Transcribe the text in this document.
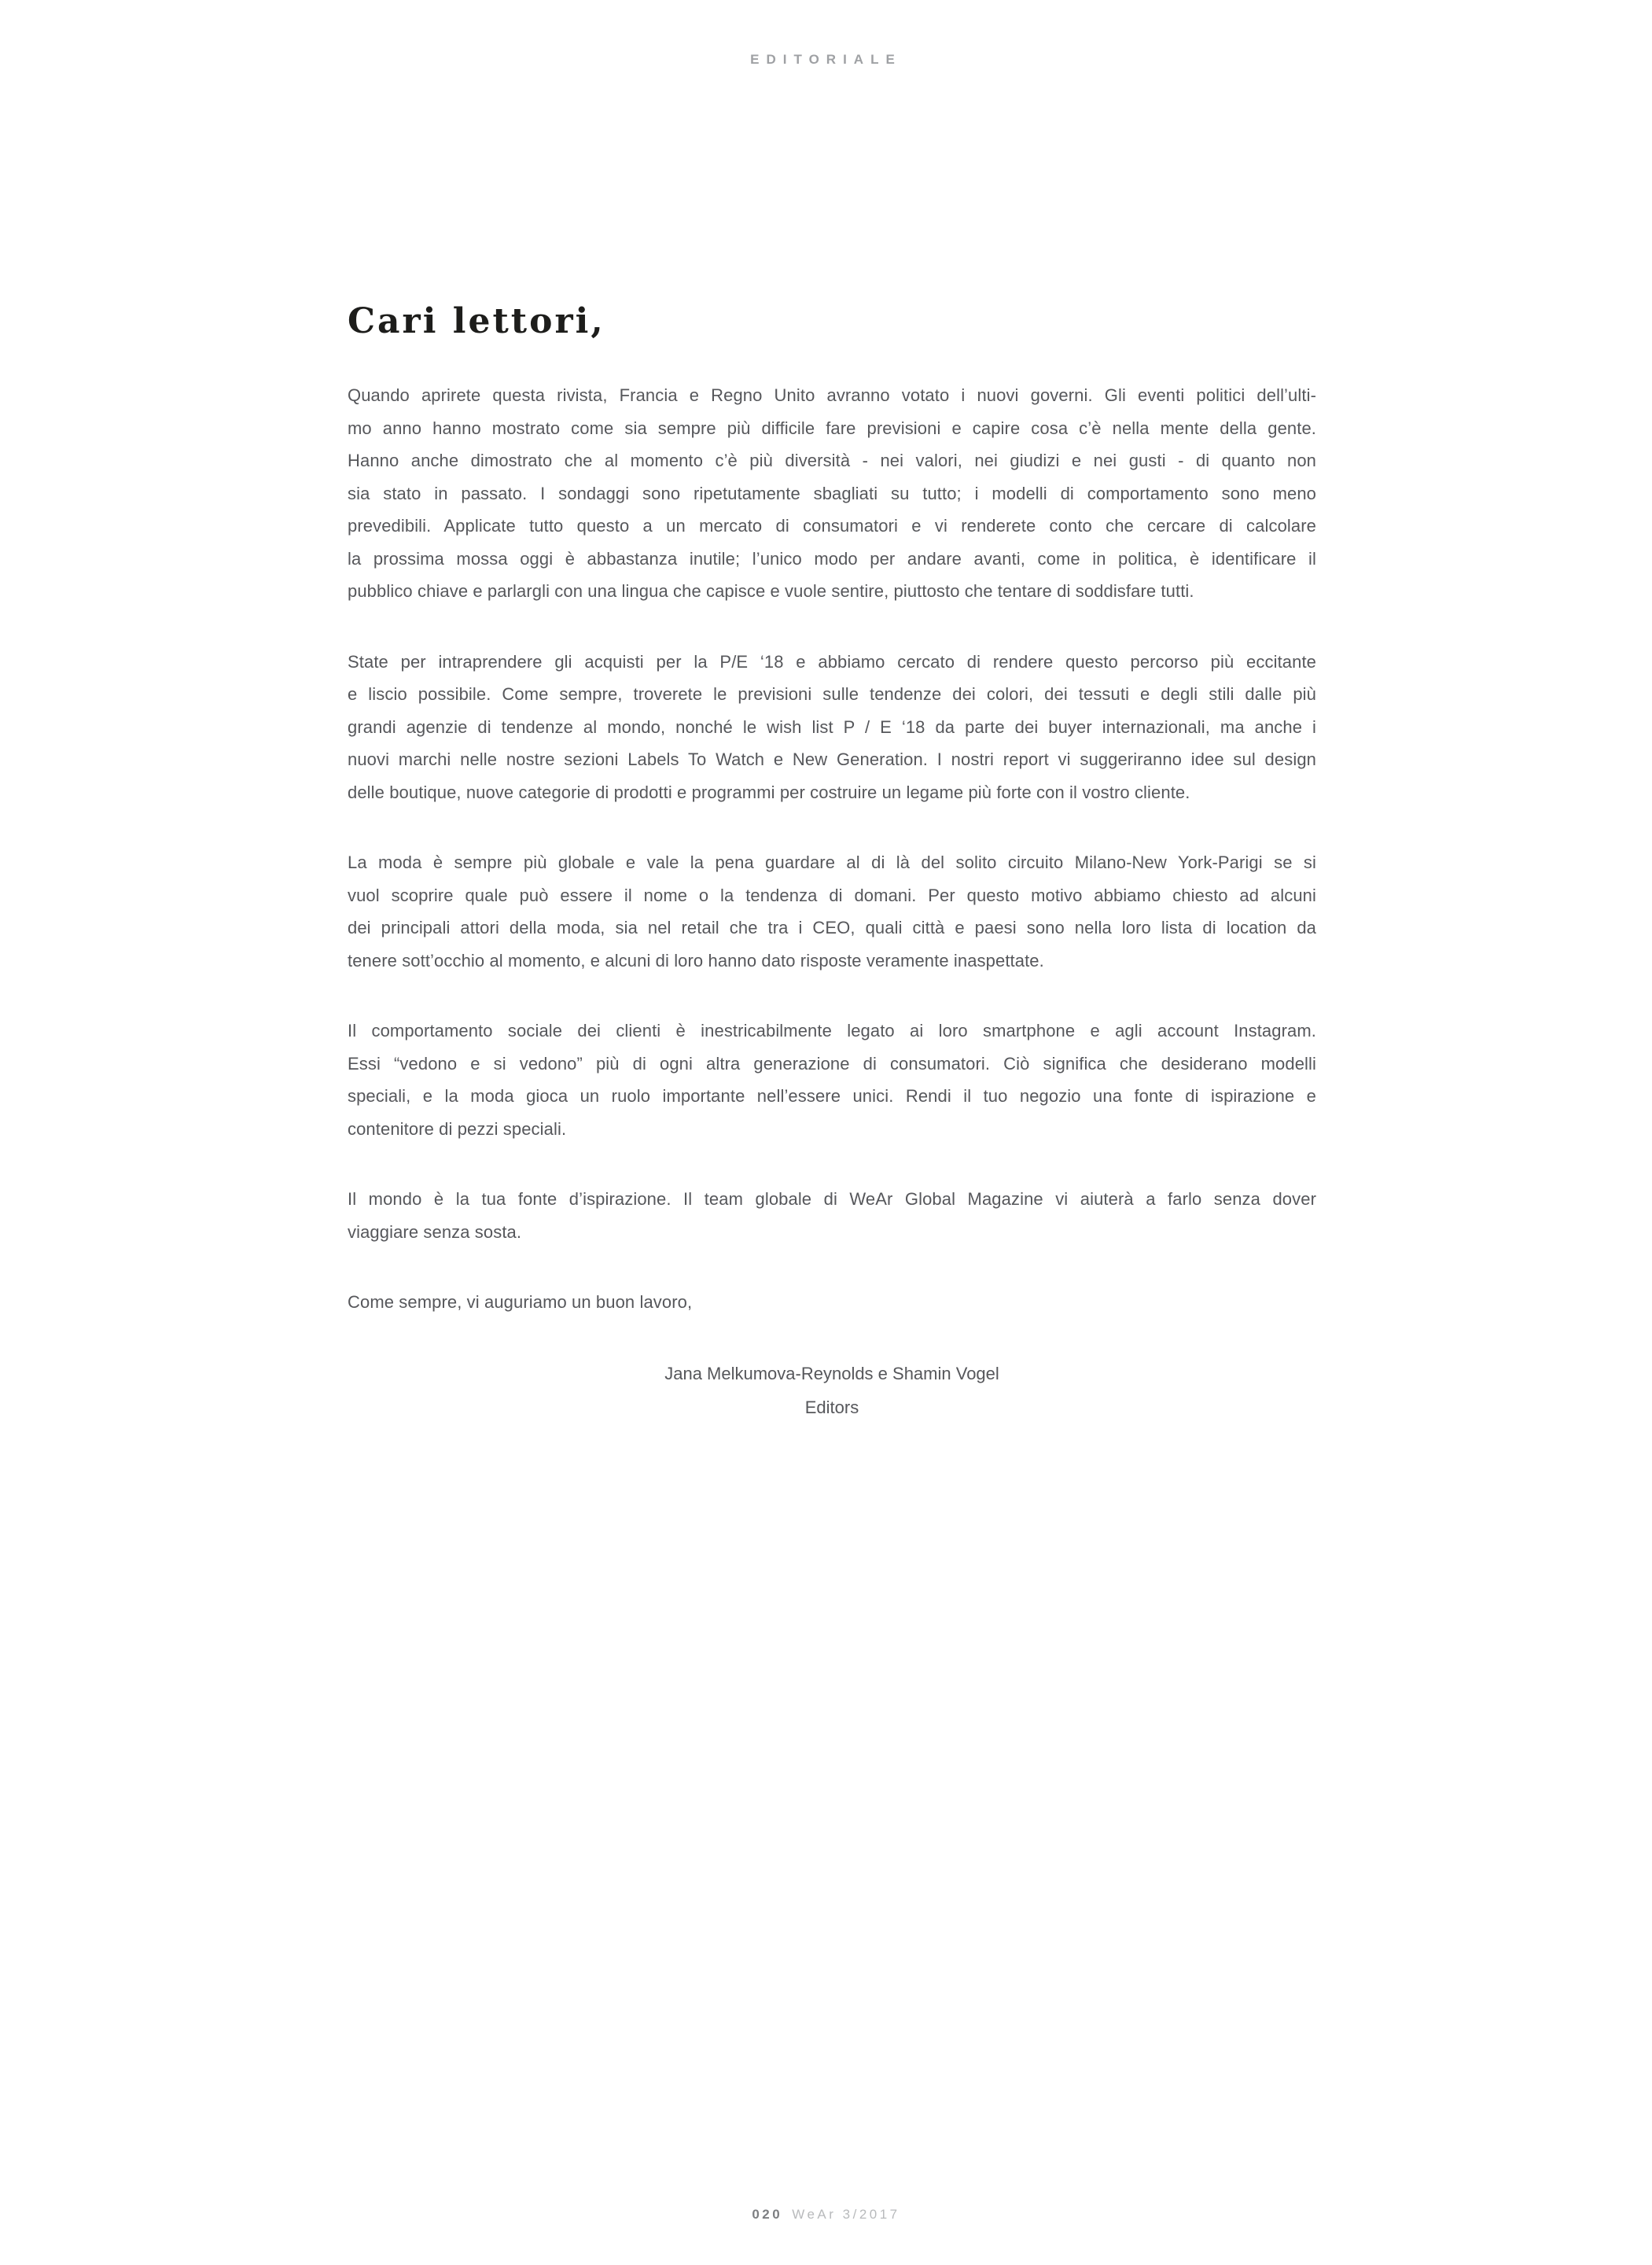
EDITORIALE
Cari lettori,
Quando aprirete questa rivista, Francia e Regno Unito avranno votato i nuovi governi. Gli eventi politici dell’ulti-
mo anno hanno mostrato come sia sempre più difficile fare previsioni e capire cosa c’è nella mente della gente.
Hanno anche dimostrato che al momento c’è più diversità - nei valori, nei giudizi e nei gusti - di quanto non
sia stato in passato. I sondaggi sono ripetutamente sbagliati su tutto; i modelli di comportamento sono meno
prevedibili. Applicate tutto questo a un mercato di consumatori e vi renderete conto che cercare di calcolare
la prossima mossa oggi è abbastanza inutile; l’unico modo per andare avanti, come in politica, è identificare il
pubblico chiave e parlargli con una lingua che capisce e vuole sentire, piuttosto che tentare di soddisfare tutti.
State per intraprendere gli acquisti per la P/E ‘18 e abbiamo cercato di rendere questo percorso più eccitante
e liscio possibile. Come sempre, troverete le previsioni sulle tendenze dei colori, dei tessuti e degli stili dalle più
grandi agenzie di tendenze al mondo, nonché le wish list P / E ‘18 da parte dei buyer internazionali, ma anche i
nuovi marchi nelle nostre sezioni Labels To Watch e New Generation. I nostri report vi suggeriranno idee sul design
delle boutique, nuove categorie di prodotti e programmi per costruire un legame più forte con il vostro cliente.
La moda è sempre più globale e vale la pena guardare al di là del solito circuito Milano-New York-Parigi se si
vuol scoprire quale può essere il nome o la tendenza di domani. Per questo motivo abbiamo chiesto ad alcuni
dei principali attori della moda, sia nel retail che tra i CEO, quali città e paesi sono nella loro lista di location da
tenere sott’occhio al momento, e alcuni di loro hanno dato risposte veramente inaspettate.
Il comportamento sociale dei clienti è inestricabilmente legato ai loro smartphone e agli account Instagram.
Essi “vedono e si vedono” più di ogni altra generazione di consumatori. Ciò significa che desiderano modelli
speciali, e la moda gioca un ruolo importante nell’essere unici. Rendi il tuo negozio una fonte di ispirazione e
contenitore di pezzi speciali.
Il mondo è la tua fonte d’ispirazione. Il team globale di WeAr Global Magazine vi aiuterà a farlo senza dover
viaggiare senza sosta.
Come sempre, vi auguriamo un buon lavoro,
Jana Melkumova-Reynolds e Shamin Vogel
Editors
020 WeAr 3/2017
